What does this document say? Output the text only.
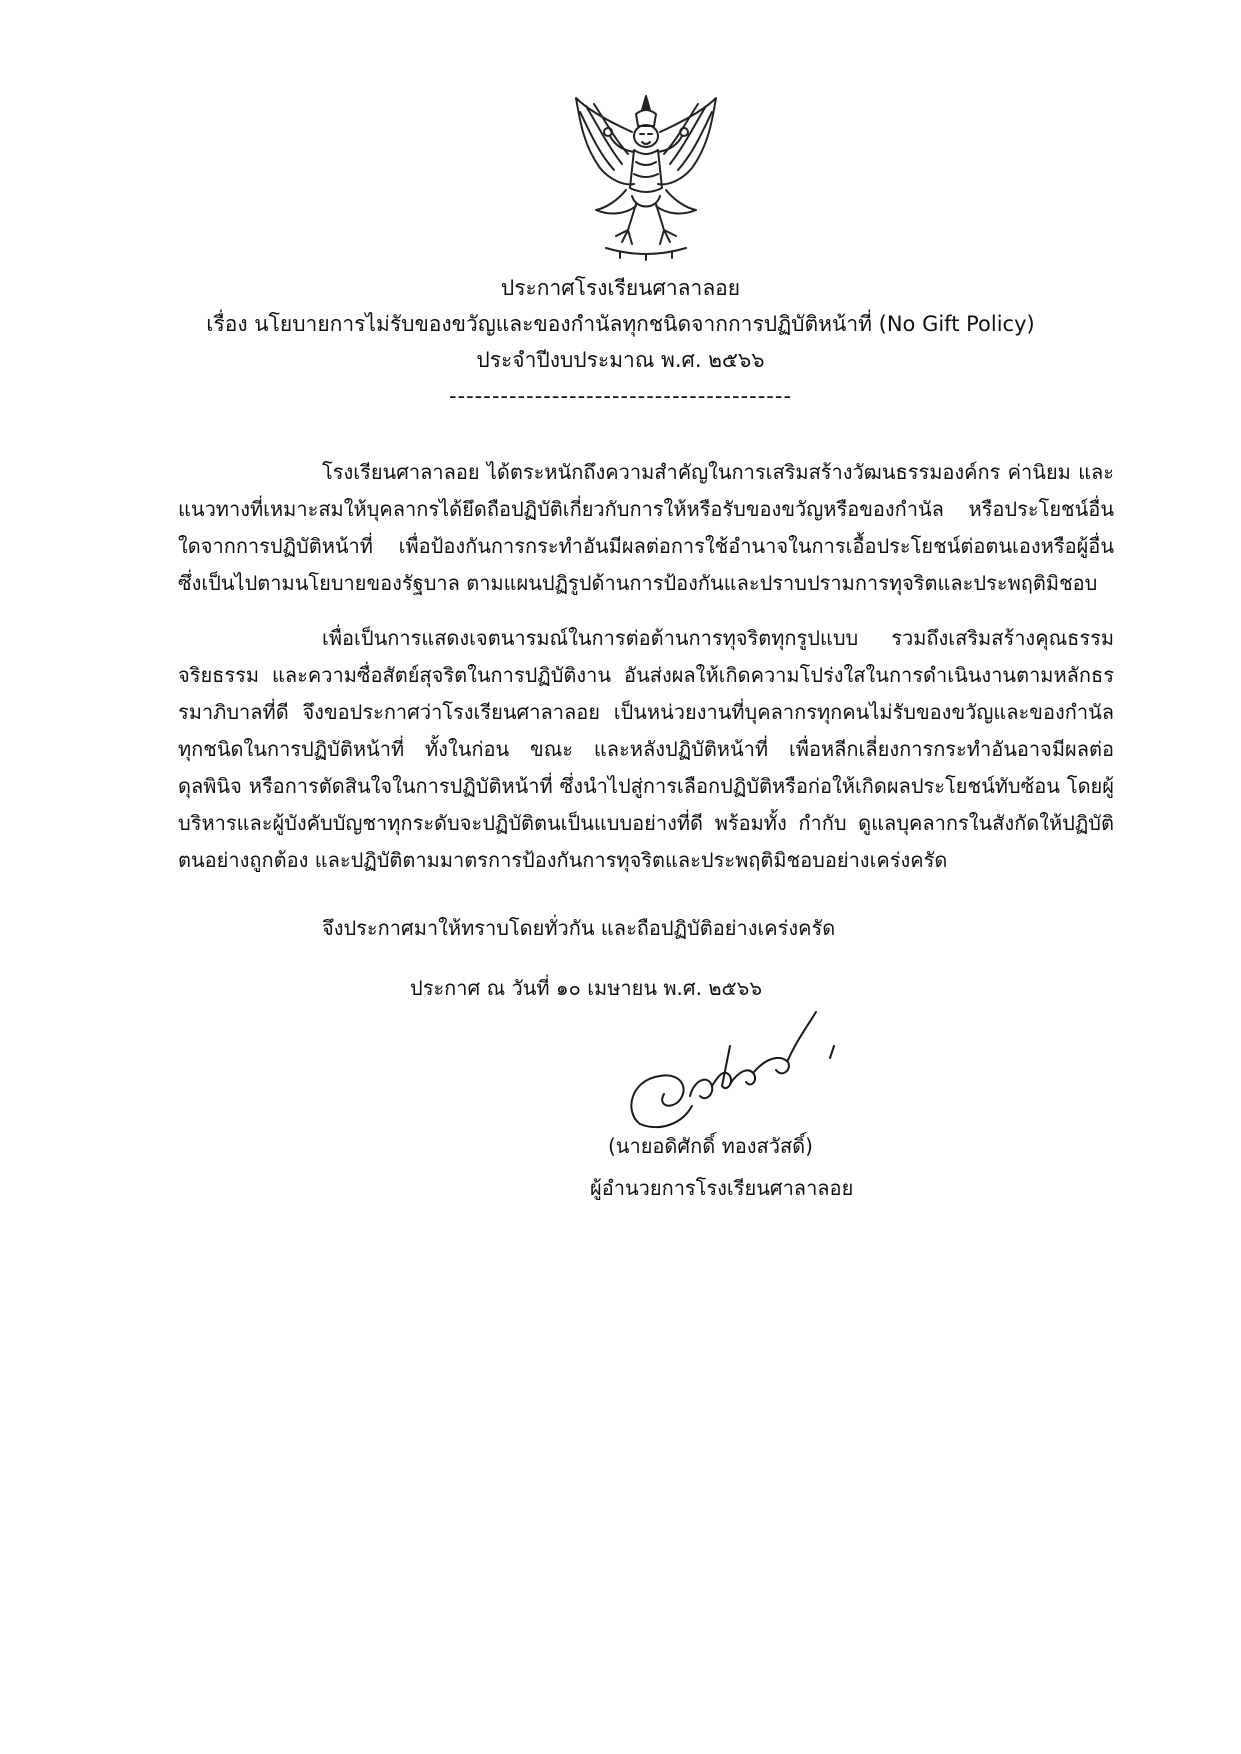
ประกาศโรงเรียนศาลาลอย
เรื่อง นโยบายการไม่รับของขวัญและของกำนัลทุกชนิดจากการปฏิบัติหน้าที่ (No Gift Policy)
ประจำปีงบประมาณ พ.ศ. ๒๕๖๖
----------------------------------------
โรงเรียนศาลาลอย ได้ตระหนักถึงความสำคัญในการเสริมสร้างวัฒนธรรมองค์กร ค่านิยม และแนวทางที่เหมาะสมให้บุคลากรได้ยึดถือปฏิบัติเกี่ยวกับการให้หรือรับของขวัญหรือของกำนัล หรือประโยชน์อื่นใดจากการปฏิบัติหน้าที่ เพื่อป้องกันการกระทำอันมีผลต่อการใช้อำนาจในการเอื้อประโยชน์ต่อตนเองหรือผู้อื่น ซึ่งเป็นไปตามนโยบายของรัฐบาล ตามแผนปฏิรูปด้านการป้องกันและปราบปรามการทุจริตและประพฤติมิชอบ
เพื่อเป็นการแสดงเจตนารมณ์ในการต่อต้านการทุจริตทุกรูปแบบ รวมถึงเสริมสร้างคุณธรรม จริยธรรม และความซื่อสัตย์สุจริตในการปฏิบัติงาน อันส่งผลให้เกิดความโปร่งใสในการดำเนินงานตามหลักธรรมาภิบาลที่ดี จึงขอประกาศว่าโรงเรียนศาลาลอย เป็นหน่วยงานที่บุคลากรทุกคนไม่รับของขวัญและของกำนัลทุกชนิดในการปฏิบัติหน้าที่ ทั้งในก่อน ขณะ และหลังปฏิบัติหน้าที่ เพื่อหลีกเลี่ยงการกระทำอันอาจมีผลต่อดุลพินิจ หรือการตัดสินใจในการปฏิบัติหน้าที่ ซึ่งนำไปสู่การเลือกปฏิบัติหรือก่อให้เกิดผลประโยชน์ทับซ้อน โดยผู้บริหารและผู้บังคับบัญชาทุกระดับจะปฏิบัติตนเป็นแบบอย่างที่ดี พร้อมทั้ง กำกับ ดูแลบุคลากรในสังกัดให้ปฏิบัติตนอย่างถูกต้อง และปฏิบัติตามมาตรการป้องกันการทุจริตและประพฤติมิชอบอย่างเคร่งครัด
จึงประกาศมาให้ทราบโดยทั่วกัน และถือปฏิบัติอย่างเคร่งครัด
ประกาศ ณ วันที่ ๑๐ เมษายน พ.ศ. ๒๕๖๖
(นายอดิศักดิ์ ทองสวัสดิ์)
ผู้อำนวยการโรงเรียนศาลาลอย
